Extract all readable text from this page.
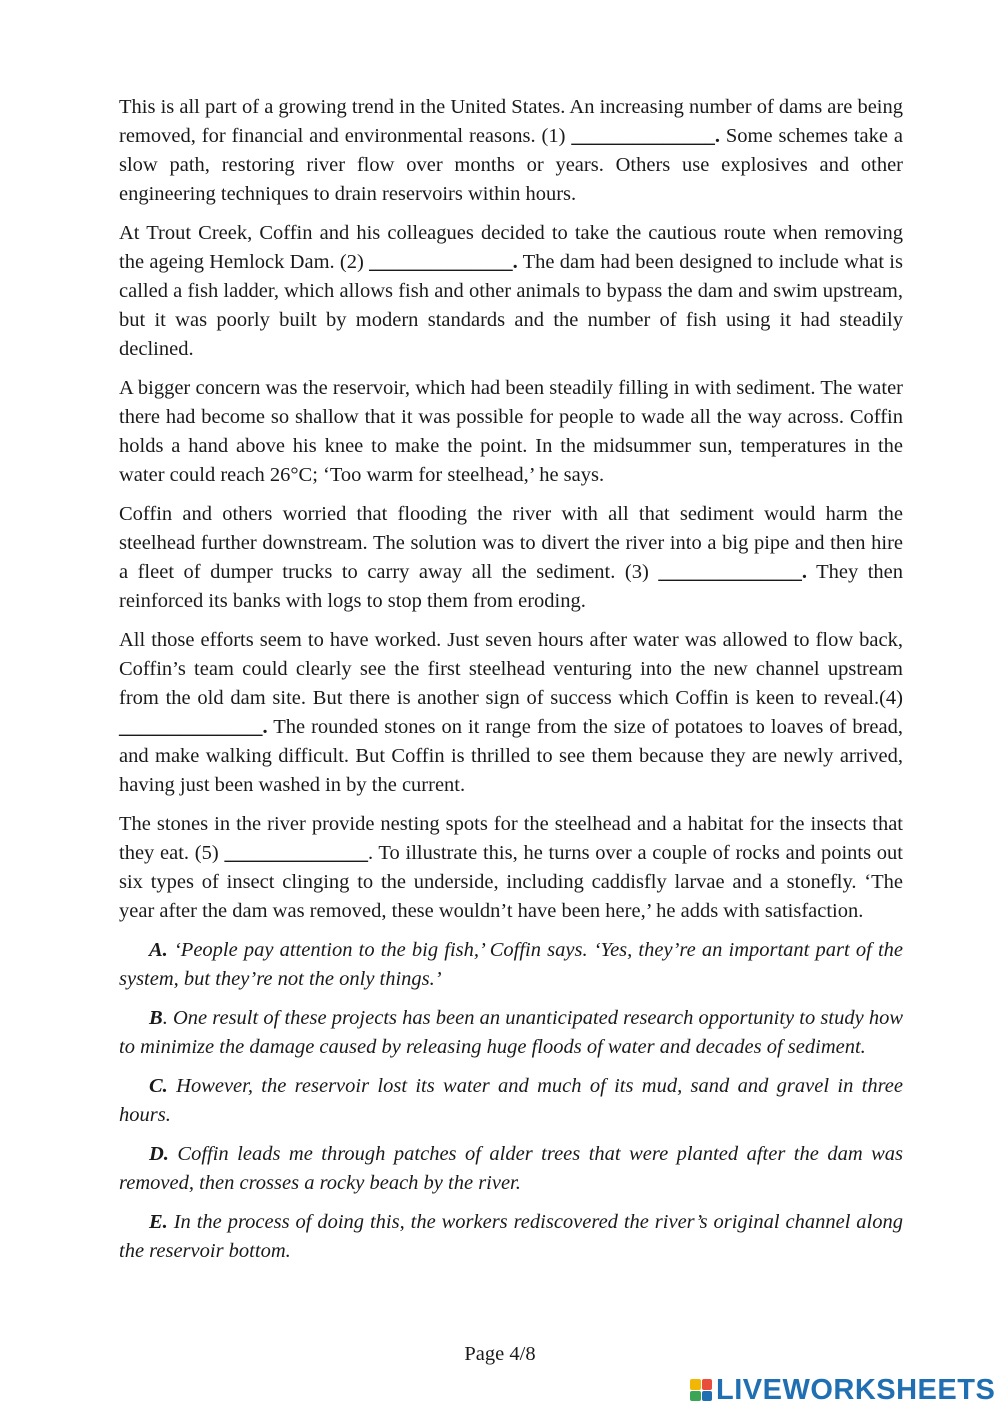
This is all part of a growing trend in the United States. An increasing number of dams are being removed, for financial and environmental reasons. (1) ______________. Some schemes take a slow path, restoring river flow over months or years. Others use explosives and other engineering techniques to drain reservoirs within hours.

At Trout Creek, Coffin and his colleagues decided to take the cautious route when removing the ageing Hemlock Dam. (2) ______________. The dam had been designed to include what is called a fish ladder, which allows fish and other animals to bypass the dam and swim upstream, but it was poorly built by modern standards and the number of fish using it had steadily declined.

A bigger concern was the reservoir, which had been steadily filling in with sediment. The water there had become so shallow that it was possible for people to wade all the way across. Coffin holds a hand above his knee to make the point. In the midsummer sun, temperatures in the water could reach 26°C; ‘Too warm for steelhead,’ he says.

Coffin and others worried that flooding the river with all that sediment would harm the steelhead further downstream. The solution was to divert the river into a big pipe and then hire a fleet of dumper trucks to carry away all the sediment. (3) ______________. They then reinforced its banks with logs to stop them from eroding.

All those efforts seem to have worked. Just seven hours after water was allowed to flow back, Coffin’s team could clearly see the first steelhead venturing into the new channel upstream from the old dam site. But there is another sign of success which Coffin is keen to reveal.(4) ______________. The rounded stones on it range from the size of potatoes to loaves of bread, and make walking difficult. But Coffin is thrilled to see them because they are newly arrived, having just been washed in by the current.

The stones in the river provide nesting spots for the steelhead and a habitat for the insects that they eat. (5) ______________. To illustrate this, he turns over a couple of rocks and points out six types of insect clinging to the underside, including caddisfly larvae and a stonefly. ‘The year after the dam was removed, these wouldn’t have been here,’ he adds with satisfaction.

A. ‘People pay attention to the big fish,’ Coffin says. ‘Yes, they’re an important part of the system, but they’re not the only things.’

B. One result of these projects has been an unanticipated research opportunity to study how to minimize the damage caused by releasing huge floods of water and decades of sediment.

C. However, the reservoir lost its water and much of its mud, sand and gravel in three hours.

D. Coffin leads me through patches of alder trees that were planted after the dam was removed, then crosses a rocky beach by the river.

E. In the process of doing this, the workers rediscovered the river’s original channel along the reservoir bottom.

Page 4/8
LIVEWORKSHEETS
